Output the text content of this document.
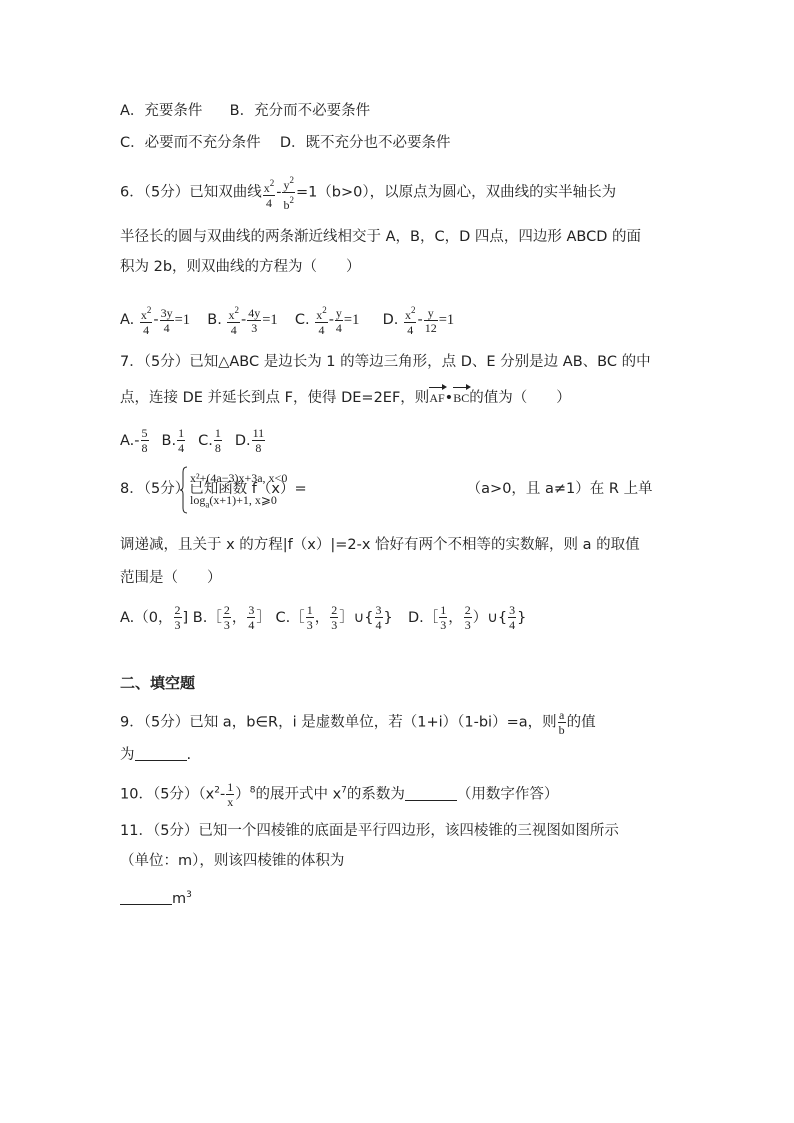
A．充要条件 B．充分而不必要条件
C．必要而不充分条件 D．既不充分也不必要条件
6．（5分）已知双曲线 $\frac{x^2}{4} - \frac{y^2}{b^2} =1(b>0)$，以原点为圆心，双曲线的实半轴长为
半径长的圆与双曲线的两条渐近线相交于 A，B，C，D 四点，四边形 ABCD 的面
积为 2b，则双曲线的方程为（　　）
A. $\frac{x^2}{4} - \frac{3y}{4} =1$ B. $\frac{x^2}{4} - \frac{4y}{3} =1$ C. $\frac{x^2}{4} - \frac{y}{4} =1$ D. $\frac{x^2}{4} - \frac{y}{12} =1$
7．（5分）已知△ABC 是边长为 1 的等边三角形，点 D、E 分别是边 AB、BC 的中
点，连接 DE 并延长到点 F，使得 DE=2EF，则AF•BC的值为（　　）
$A.- \frac{5}{8} B$. $\frac{1}{4} C$. $\frac{1}{8} D$. $\frac{11}{8}$
8．（5分）已知函数 f（x）=	（a>0，且 a≠1）在 R 上单
x²+(4a−3)x+3a, x<0
$\log_a(x+1)+1$, x⩾0
调递减，且关于 x 的方程|f（x）|=2-x 恰好有两个不相等的实数解，则 a 的取值
范围是（　　）
A.（0， $\frac{2}{3}$ ] B.［ $\frac{2}{3}$ ， $\frac{3}{4}$ ］ C.［ $\frac{1}{3}$ ， $\frac{2}{3}$ ］∪{ $\frac{3}{4}$ } D.［ $\frac{1}{3}$ ， $\frac{2}{3}$ ）∪{ $\frac{3}{4}$ }
二、填空题
9．（5分）已知 a，b∈R，i 是虚数单位，若（1+i）（1-bi）=a，则 $\frac{a}{b}$ 的值
为	.
10．（5分）$(x^2- \frac{1}{x} )^8$的展开式中 $x^7$的系数为	（用数字作答）
11．（5分）已知一个四棱锥的底面是平行四边形，该四棱锥的三视图如图所示
（单位：m），则该四棱锥的体积为
$m^3$
